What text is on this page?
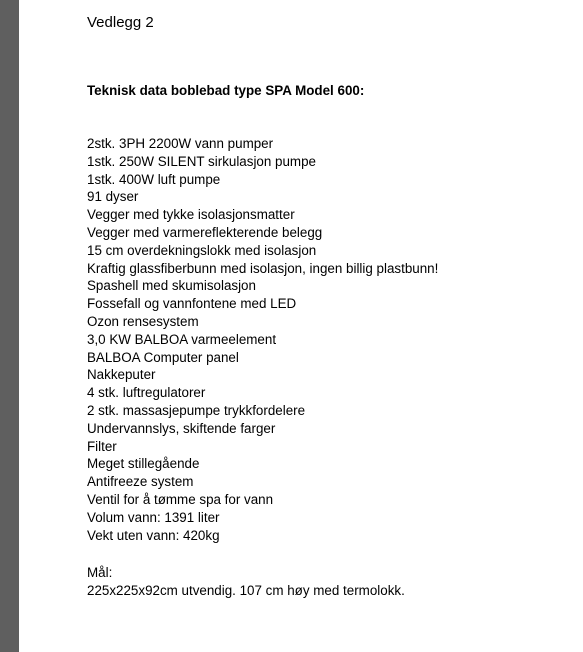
Vedlegg 2
Teknisk data boblebad type SPA Model 600:
2stk. 3PH 2200W vann pumper
1stk. 250W SILENT sirkulasjon pumpe
1stk. 400W luft pumpe
91 dyser
Vegger med tykke isolasjonsmatter
Vegger med varmereflekterende belegg
15 cm overdekningslokk med isolasjon
Kraftig glassfiberbunn med isolasjon, ingen billig plastbunn!
Spashell med skumisolasjon
Fossefall og vannfontene med LED
Ozon rensesystem
3,0 KW BALBOA varmeelement
BALBOA Computer panel
Nakkeputer
4 stk. luftregulatorer
2 stk. massasjepumpe trykkfordelere
Undervannslys, skiftende farger
Filter
Meget stillegående
Antifreeze system
Ventil for å tømme spa for vann
Volum vann: 1391 liter
Vekt uten vann: 420kg
Mål:
225x225x92cm utvendig. 107 cm høy med termolokk.
